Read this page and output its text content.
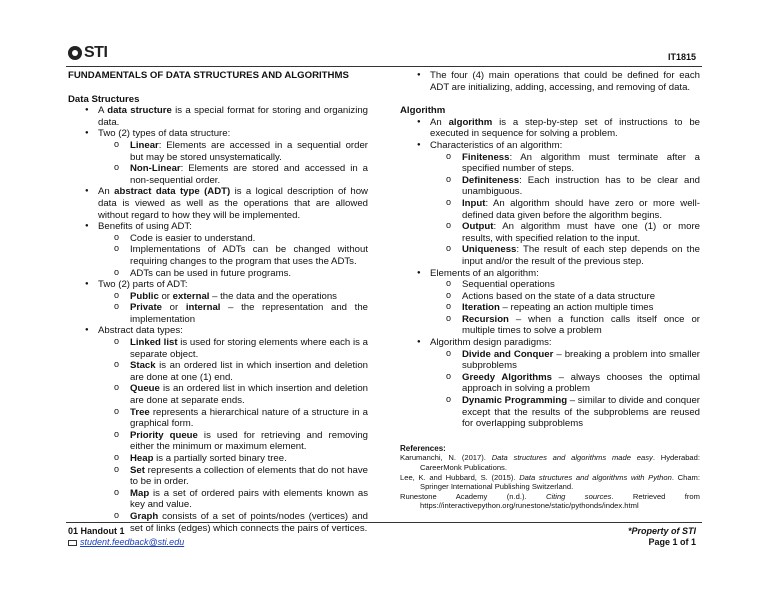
STI	IT1815
FUNDAMENTALS OF DATA STRUCTURES AND ALGORITHMS
Data Structures
● A data structure is a special format for storing and organizing data.
● Two (2) types of data structure:
o Linear: Elements are accessed in a sequential order but may be stored unsystematically.
o Non-Linear: Elements are stored and accessed in a non-sequential order.
● An abstract data type (ADT) is a logical description of how data is viewed as well as the operations that are allowed without regard to how they will be implemented.
● Benefits of using ADT:
o Code is easier to understand.
o Implementations of ADTs can be changed without requiring changes to the program that uses the ADTs.
o ADTs can be used in future programs.
● Two (2) parts of ADT:
o Public or external – the data and the operations
o Private or internal – the representation and the implementation
● Abstract data types:
o Linked list is used for storing elements where each is a separate object.
o Stack is an ordered list in which insertion and deletion are done at one (1) end.
o Queue is an ordered list in which insertion and deletion are done at separate ends.
o Tree represents a hierarchical nature of a structure in a graphical form.
o Priority queue is used for retrieving and removing either the minimum or maximum element.
o Heap is a partially sorted binary tree.
o Set represents a collection of elements that do not have to be in order.
o Map is a set of ordered pairs with elements known as key and value.
o Graph consists of a set of points/nodes (vertices) and set of links (edges) which connects the pairs of vertices.
● The four (4) main operations that could be defined for each ADT are initializing, adding, accessing, and removing of data.
Algorithm
● An algorithm is a step-by-step set of instructions to be executed in sequence for solving a problem.
● Characteristics of an algorithm:
o Finiteness: An algorithm must terminate after a specified number of steps.
o Definiteness: Each instruction has to be clear and unambiguous.
o Input: An algorithm should have zero or more well-defined data given before the algorithm begins.
o Output: An algorithm must have one (1) or more results, with specified relation to the input.
o Uniqueness: The result of each step depends on the input and/or the result of the previous step.
● Elements of an algorithm:
o Sequential operations
o Actions based on the state of a data structure
o Iteration – repeating an action multiple times
o Recursion – when a function calls itself once or multiple times to solve a problem
● Algorithm design paradigms:
o Divide and Conquer – breaking a problem into smaller subproblems
o Greedy Algorithms – always chooses the optimal approach in solving a problem
o Dynamic Programming – similar to divide and conquer except that the results of the subproblems are reused for overlapping subproblems
References:
Karumanchi, N. (2017). Data structures and algorithms made easy. Hyderabad: CareerMonk Publications.
Lee, K. and Hubbard, S. (2015). Data structures and algorithms with Python. Cham: Springer International Publishing Switzerland.
Runestone Academy (n.d.). Citing sources. Retrieved from https://interactivepython.org/runestone/static/pythonds/index.html
01 Handout 1
student.feedback@sti.edu
*Property of STI
Page 1 of 1
